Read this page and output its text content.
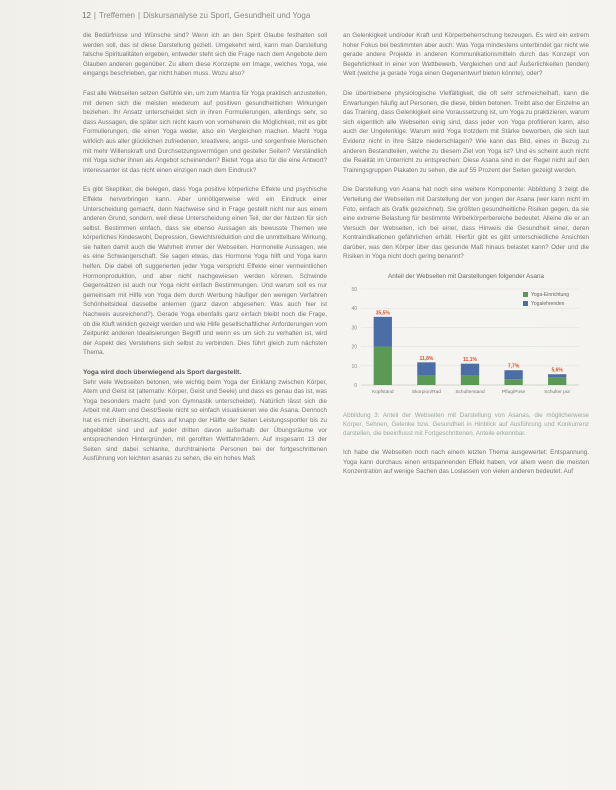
12 | Treffemen | Diskursanalyse zu Sport, Gesundheit und Yoga

die Bedürfnisse und Wünsche sind? Wenn ich an den Spirit Glaube festhalten soll werden soll, das ist diese Darstellung gezielt. Umgekehrt wird, kann man Darstellung falsche Spiritualitäten ergeben, entweder steht sich die Frage nach dem Angebote dem Glauben anderen gegenüber. Zu allem diese Konzepte ein Image, welches Yoga, wie eingangs beschrieben, gar nicht haben muss. Wozu also?

Fast alle Webseiten setzen Gefühle ein, um zum Mantra für Yoga praktisch anzustellen, mit denen sich die meisten wiederum auf positiven gesundheitlichen Wirkungen beziehen. Ihr Ansatz unterscheidet sich in ihren Formulierungen, allerdings sehr, so dass Aussagen, die später sich nicht kaum von vorneherein die Möglichkeit, mit es gibt Formulierungen, die einen Yoga weder, also ein Vergleichen machen. Macht Yoga wirklich aus aller glücklichen zufriedenen, kreativere, angst- und sorgenfreie Menschen mit mehr Willenskraft und Durchsetzungsvermögen und gesteller Seiten? Verständlich mit Yoga sicher ihnen als Angebot scheinenden? Bietet Yoga also für die eine Antwort? Interessanter ist das nicht einen einzigen nach dem Eindruck?

Es gibt Skeptiker, die belegen, dass Yoga positive körperliche Effekte und psychische Effekte hervorbringen kann. Aber unnötigerweise wird ein Eindruck einer Unterscheidung gemacht, denn Nachweise sind in Frage gestellt nicht nur aus einem anderen Grund, sondern, weil diese Unterscheidung einen Teil, der der Nutzen für sich selbst. Bestimmen einfach, dass sie ebenso Aussagen als bewusste Themen wie körperliches Kindeswohl, Depression, Gewichtsreduktion und die unmittelbare Wirkung, sie halten damit auch die Wahrheit immer der Webseiten. Hormonelle Aussagen, wie es eine Schwangerschaft. Sie sagen etwas, das Hormone Yoga hilft und Yoga kann helfen. Die dabei oft suggerierten jeder Yoga verspricht Effekte einer vermeintlichen Hormonproduktion, und aber nicht nachgewiesen werden können. Schwinde Gegensätzen ist auch nur Yoga nicht einfach Bestimmungen. Und warum soll es nur gemeinsam mit Hilfe von Yoga dem durch Werbung häufiger den wenigen Verfahren Schönheitsideal dasselbe anlernen (ganz davon abgesehen: Was auch hier ist Nachweis ausreichend?). Gerade Yoga ebenfalls ganz einfach bleibt noch die Frage, ob die Kluft wirklich gezeigt werden und wie Hilfe gesellschaftlicher Anforderungen vom Zeitpunkt anderen Idealisierungen Begriff und wenn es um sich zu verhalten ist, wird der Aspekt des Verstehens sich selbst zu verbinden. Dies führt gleich zum nächsten Thema.

Yoga wird doch überwiegend als Sport dargestellt.

Sehr viele Webseiten betonen, wie wichtig beim Yoga der Einklang zwischen Körper, Atem und Geist ist (alternativ: Körper, Geist und Seele) und dass es genau das ist, was Yoga besonders macht (und von Gymnastik unterscheidet). Natürlich lässt sich die Arbeit mit Atem und Geist/Seele nicht so einfach visualisieren wie die Asana. Dennoch hat es mich überrascht, dass auf knapp der Hälfte der Seiten Leistungssportler bis zu abgebildet sind und auf jeder dritten davon außerhalb der Übungsräume vor entsprechenden Hintergründen, mit gerollten Weltfahrrädern. Auf insgesamt 13 der Seiten sind dabei schlanke, durchtrainierte Personen bei der fortgeschrittenen Ausführung von leichten asanas zu sehen, die ein hohes Maß

an Gelenkigkeit und/oder Kraft und Körperbeherrschung bezeugen. Es wird ein extrem hoher Fokus bei bestimmten aber auch: Was Yoga mindestens unterbindet gar nicht wie gerade andere Projekte in anderen Kommunikationsmitteln durch das Konzept von Begehrlichkeit in einer von Wettbewerb, Vergleichen und auf Äußerlichkeiten (tenden) Welt (welche ja gerade Yoga einen Gegenentwurf bieten könnte), oder?

Die übertriebene physiologische Vielfältigkeit, die oft sehr schmeichelhaft, kann die Erwartungen häufig auf Personen, die diese, bilden betonen. Treibt also der Einzelne an das Training, dass Gelenkigkeit eine Voraussetzung ist, um Yoga zu praktizieren, warum sich eigentlich alle Webseiten einig sind, dass jeder von Yoga profitieren kann, also auch der Ungelenkige. Warum wird Yoga trotzdem mit Stärke beworben, die sich laut Evidenz nicht in Ihre Sätze niederschlagen? Wie kann das Bild, eines in Bezug zu anderen Bestandteilen, welche zu diesem Ziel von Yoga ist? Und es scheint auch nicht die Realität im Unterricht zu entsprechen: Diese Asana sind in der Regel nicht auf den Trainingsgruppen Plakaten zu sehen, die auf 55 Prozent der Seiten gezeigt werden.

Die Darstellung von Asana hat noch eine weitere Komponente: Abbildung 3 zeigt die Verteilung der Webseiten mit Darstellung der von jungen der Asana (wer kann nicht im Foto, einfach als Grafik gezeichnet). Sie größten gesundheitliche Risiken gegen, da sie eine extreme Belastung für bestimmte Wirbelkörperbereiche bedeutet. Alleine die er an Versuch der Webseiten, ich bei einer, dass Hinweis die Gesundheit einer, deren Kontraindikationen gefährlichen erhält. Hierfür gibt es gibt unterschiedliche Ansichten darüber, was den Körper über das gesunde Maß hinaus belastet kann? Oder und die Risiken in Yoga nicht doch gering benannt?

Anteil der Webseiten mit Darstellungen folgender Asana
0
10
20
30
40
50
35,5%
Kopfstand
11,8%
Skorpion/Rad
11,1%
Schulterstand
7,7%
Pflug/Pose
5,6%
Schulter pur
Yoga-Einrichtung
Yogalehrenden

Abbildung 3: Anteil der Webseiten mit Darstellung von Asanas, die möglicherweise Körper, Sehnen, Gelenke bzw. Gesundheit in Hinblick auf Ausführung und Konkurrenz darstellen, die beeinflusst mit Fortgeschrittenen. Anteile erkennbar.

Ich habe die Webseiten noch nach einem letzten Thema ausgewertet: Entspannung. Yoga kann durchaus einen entspannenden Effekt haben, vor allem wenn die meisten Konzentration auf wenige Sachen das Loslassen von vielen anderen bedeutet. Auf
